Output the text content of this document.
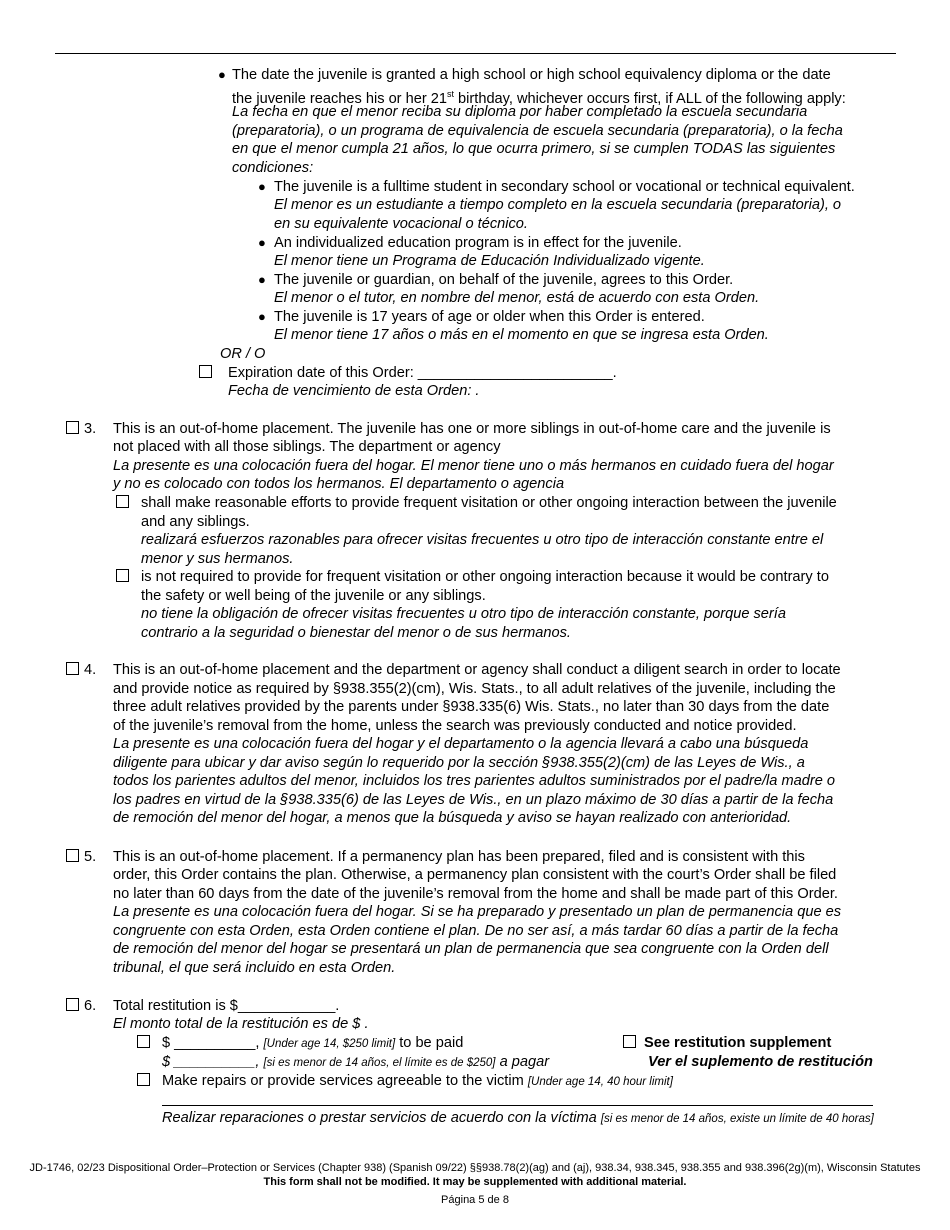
● The date the juvenile is granted a high school or high school equivalency diploma or the date
the juvenile reaches his or her 21st birthday, whichever occurs first, if ALL of the following apply:
La fecha en que el menor reciba su diploma por haber completado la escuela secundaria
(preparatoria), o un programa de equivalencia de escuela secundaria (preparatoria), o la fecha
en que el menor cumpla 21 años, lo que ocurra primero, si se cumplen TODAS las siguientes
condiciones:
● The juvenile is a fulltime student in secondary school or vocational or technical equivalent.
El menor es un estudiante a tiempo completo en la escuela secundaria (preparatoria), o
en su equivalente vocacional o técnico.
● An individualized education program is in effect for the juvenile.
El menor tiene un Programa de Educación Individualizado vigente.
● The juvenile or guardian, on behalf of the juvenile, agrees to this Order.
El menor o el tutor, en nombre del menor, está de acuerdo con esta Orden.
● The juvenile is 17 years of age or older when this Order is entered.
El menor tiene 17 años o más en el momento en que se ingresa esta Orden.
OR / O
Expiration date of this Order: ________________________.
Fecha de vencimiento de esta Orden: .
3. This is an out-of-home placement. The juvenile has one or more siblings in out-of-home care and the juvenile is
not placed with all those siblings. The department or agency
La presente es una colocación fuera del hogar. El menor tiene uno o más hermanos en cuidado fuera del hogar
y no es colocado con todos los hermanos. El departamento o agencia
shall make reasonable efforts to provide frequent visitation or other ongoing interaction between the juvenile
and any siblings.
realizará esfuerzos razonables para ofrecer visitas frecuentes u otro tipo de interacción constante entre el
menor y sus hermanos.
is not required to provide for frequent visitation or other ongoing interaction because it would be contrary to
the safety or well being of the juvenile or any siblings.
no tiene la obligación de ofrecer visitas frecuentes u otro tipo de interacción constante, porque sería
contrario a la seguridad o bienestar del menor o de sus hermanos.
4. This is an out-of-home placement and the department or agency shall conduct a diligent search in order to locate
and provide notice as required by §938.355(2)(cm), Wis. Stats., to all adult relatives of the juvenile, including the
three adult relatives provided by the parents under §938.335(6) Wis. Stats., no later than 30 days from the date
of the juvenile’s removal from the home, unless the search was previously conducted and notice provided.
La presente es una colocación fuera del hogar y el departamento o la agencia llevará a cabo una búsqueda
diligente para ubicar y dar aviso según lo requerido por la sección §938.355(2)(cm) de las Leyes de Wis., a
todos los parientes adultos del menor, incluidos los tres parientes adultos suministrados por el padre/la madre o
los padres en virtud de la §938.335(6) de las Leyes de Wis., en un plazo máximo de 30 días a partir de la fecha
de remoción del menor del hogar, a menos que la búsqueda y aviso se hayan realizado con anterioridad.
5. This is an out-of-home placement. If a permanency plan has been prepared, filed and is consistent with this
order, this Order contains the plan. Otherwise, a permanency plan consistent with the court’s Order shall be filed
no later than 60 days from the date of the juvenile’s removal from the home and shall be made part of this Order.
La presente es una colocación fuera del hogar. Si se ha preparado y presentado un plan de permanencia que es
congruente con esta Orden, esta Orden contiene el plan. De no ser así, a más tardar 60 días a partir de la fecha
de remoción del menor del hogar se presentará un plan de permanencia que sea congruente con la Orden dell
tribunal, el que será incluido en esta Orden.
6. Total restitution is $____________.
El monto total de la restitución es de $ .
$ __________, [Under age 14, $250 limit] to be paid
$ __________, [si es menor de 14 años, el límite es de $250] a pagar
See restitution supplement
Ver el suplemento de restitución
Make repairs or provide services agreeable to the victim [Under age 14, 40 hour limit]
Realizar reparaciones o prestar servicios de acuerdo con la víctima [si es menor de 14 años, existe un límite de 40 horas]
JD-1746, 02/23 Dispositional Order–Protection or Services (Chapter 938) (Spanish 09/22) §§938.78(2)(ag) and (aj), 938.34, 938.345, 938.355 and 938.396(2g)(m), Wisconsin Statutes
This form shall not be modified. It may be supplemented with additional material.
Página 5 de 8
